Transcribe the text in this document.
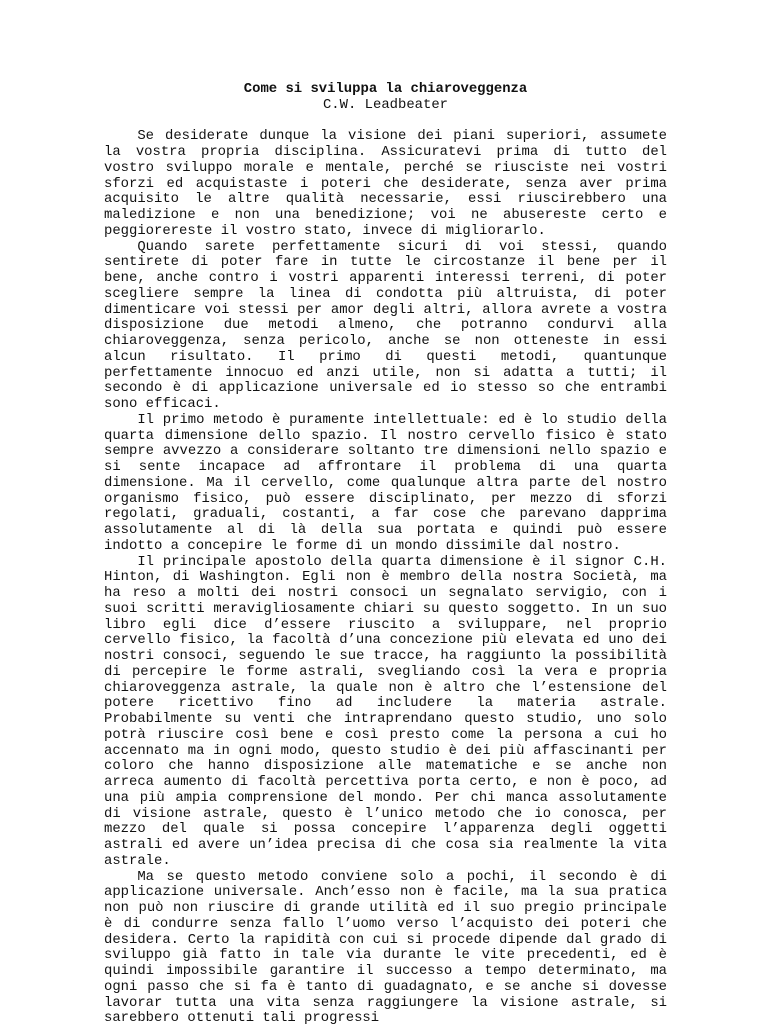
Come si sviluppa la chiaroveggenza

C.W. Leadbeater

Se desiderate dunque la visione dei piani superiori, assumete la vostra propria disciplina. Assicuratevi prima di tutto del vostro sviluppo morale e mentale, perché se riusciste nei vostri sforzi ed acquistaste i poteri che desiderate, senza aver prima acquisito le altre qualità necessarie, essi riuscirebbero una maledizione e non una benedizione; voi ne abusereste certo e peggiorereste il vostro stato, invece di migliorarlo.

Quando sarete perfettamente sicuri di voi stessi, quando sentirete di poter fare in tutte le circostanze il bene per il bene, anche contro i vostri apparenti interessi terreni, di poter scegliere sempre la linea di condotta più altruista, di poter dimenticare voi stessi per amor degli altri, allora avrete a vostra disposizione due metodi almeno, che potranno condurvi alla chiaroveggenza, senza pericolo, anche se non otteneste in essi alcun risultato. Il primo di questi metodi, quantunque perfettamente innocuo ed anzi utile, non si adatta a tutti; il secondo è di applicazione universale ed io stesso so che entrambi sono efficaci.

Il primo metodo è puramente intellettuale: ed è lo studio della quarta dimensione dello spazio. Il nostro cervello fisico è stato sempre avvezzo a considerare soltanto tre dimensioni nello spazio e si sente incapace ad affrontare il problema di una quarta dimensione. Ma il cervello, come qualunque altra parte del nostro organismo fisico, può essere disciplinato, per mezzo di sforzi regolati, graduali, costanti, a far cose che parevano dapprima assolutamente al di là della sua portata e quindi può essere indotto a concepire le forme di un mondo dissimile dal nostro.

Il principale apostolo della quarta dimensione è il signor C.H. Hinton, di Washington. Egli non è membro della nostra Società, ma ha reso a molti dei nostri consoci un segnalato servigio, con i suoi scritti meravigliosamente chiari su questo soggetto. In un suo libro egli dice d’essere riuscito a sviluppare, nel proprio cervello fisico, la facoltà d’una concezione più elevata ed uno dei nostri consoci, seguendo le sue tracce, ha raggiunto la possibilità di percepire le forme astrali, svegliando così la vera e propria chiaroveggenza astrale, la quale non è altro che l’estensione del potere ricettivo fino ad includere la materia astrale. Probabilmente su venti che intraprendano questo studio, uno solo potrà riuscire così bene e così presto come la persona a cui ho accennato ma in ogni modo, questo studio è dei più affascinanti per coloro che hanno disposizione alle matematiche e se anche non arreca aumento di facoltà percettiva porta certo, e non è poco, ad una più ampia comprensione del mondo. Per chi manca assolutamente di visione astrale, questo è l’unico metodo che io conosca, per mezzo del quale si possa concepire l’apparenza degli oggetti astrali ed avere un’idea precisa di che cosa sia realmente la vita astrale.

Ma se questo metodo conviene solo a pochi, il secondo è di applicazione universale. Anch’esso non è facile, ma la sua pratica non può non riuscire di grande utilità ed il suo pregio principale è di condurre senza fallo l’uomo verso l’acquisto dei poteri che desidera. Certo la rapidità con cui si procede dipende dal grado di sviluppo già fatto in tale via durante le vite precedenti, ed è quindi impossibile garantire il successo a tempo determinato, ma ogni passo che si fa è tanto di guadagnato, e se anche si dovesse lavorar tutta una vita senza raggiungere la visione astrale, si sarebbero ottenuti tali progressi
